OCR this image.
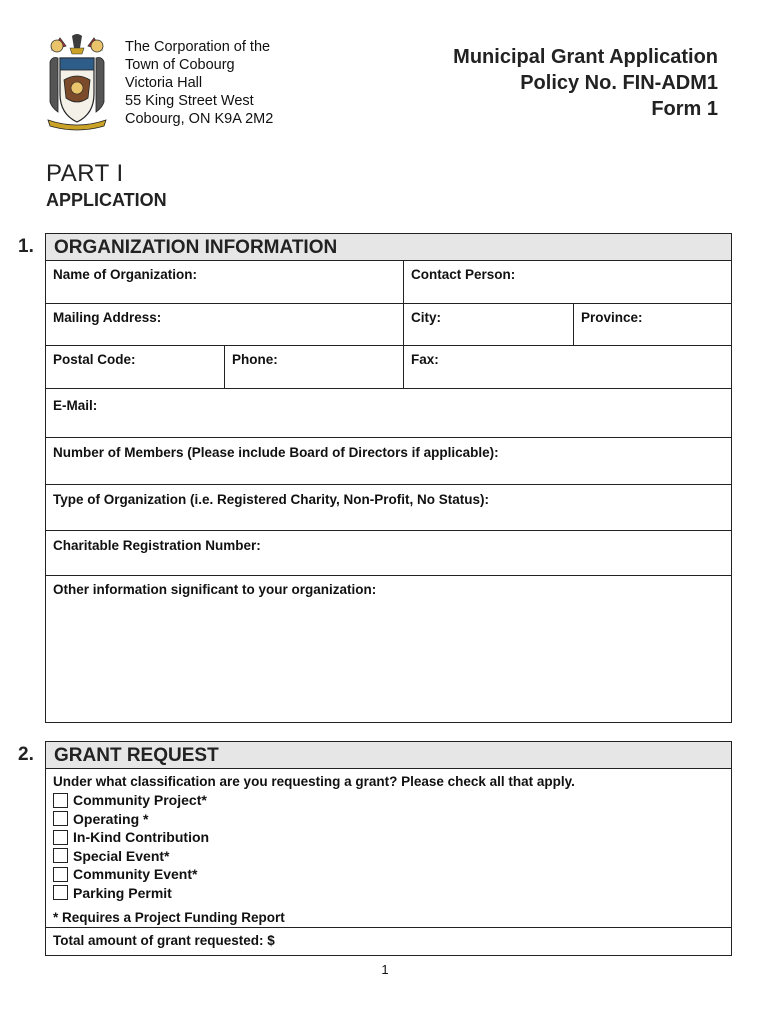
The Corporation of the
Town of Cobourg
Victoria Hall
55 King Street West
Cobourg, ON K9A 2M2
Municipal Grant Application
Policy No. FIN-ADM1
Form 1
PART I
APPLICATION
1.	ORGANIZATION INFORMATION
Name of Organization:	Contact Person:
Mailing Address:	City:	Province:
Postal Code:	Phone:	Fax:
E-Mail:
Number of Members (Please include Board of Directors if applicable):
Type of Organization (i.e. Registered Charity, Non-Profit, No Status):
Charitable Registration Number:
Other information significant to your organization:
2.	GRANT REQUEST
Under what classification are you requesting a grant? Please check all that apply.
Community Project*
Operating *
In-Kind Contribution
Special Event*
Community Event*
Parking Permit
* Requires a Project Funding Report
Total amount of grant requested: $
1
